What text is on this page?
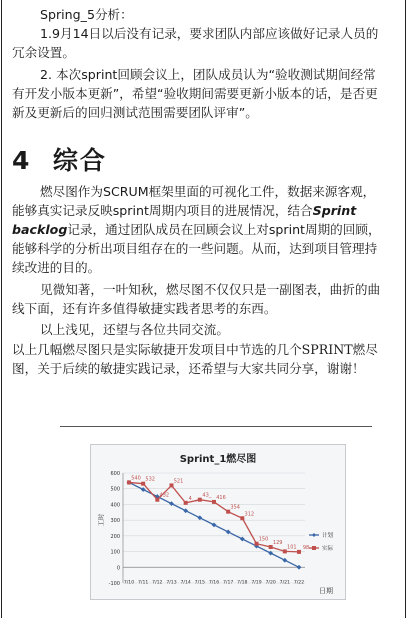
Spring_5分析：

1.9月14日以后没有记录，要求团队内部应该做好记录人员的

冗余设置。

2. 本次sprint回顾会议上，团队成员认为“验收测试期间经常

有开发小版本更新”，希望“验收期间需要更新小版本的话，是否更

新及更新后的回归测试范围需要团队评审”。

4 综合

燃尽图作为SCRUM框架里面的可视化工件，数据来源客观，

能够真实记录反映sprint周期内项目的进展情况，结合Sprint

backlog记录，通过团队成员在回顾会议上对sprint周期的回顾，

能够科学的分析出项目组存在的一些问题。从而，达到项目管理持

续改进的目的。

见微知著，一叶知秋，燃尽图不仅仅只是一副图表，曲折的曲

线下面，还有许多值得敏捷实践者思考的东西。

以上浅见，还望与各位共同交流。

以上几幅燃尽图只是实际敏捷开发项目中节选的几个SPRINT燃尽

图，关于后续的敏捷实践记录，还希望与大家共同分享，谢谢！

Sprint_1燃尽图
-100
0
100
200
300
400
500
600
7/10 7/11 7/12 7/13 7/14 7/15 7/16 7/17 7/18 7/19 7/20 7/21 7/22
工时
日期
540 532
432
521
4__
43_ 416
354
312
150
129
101 98
计划
实际
